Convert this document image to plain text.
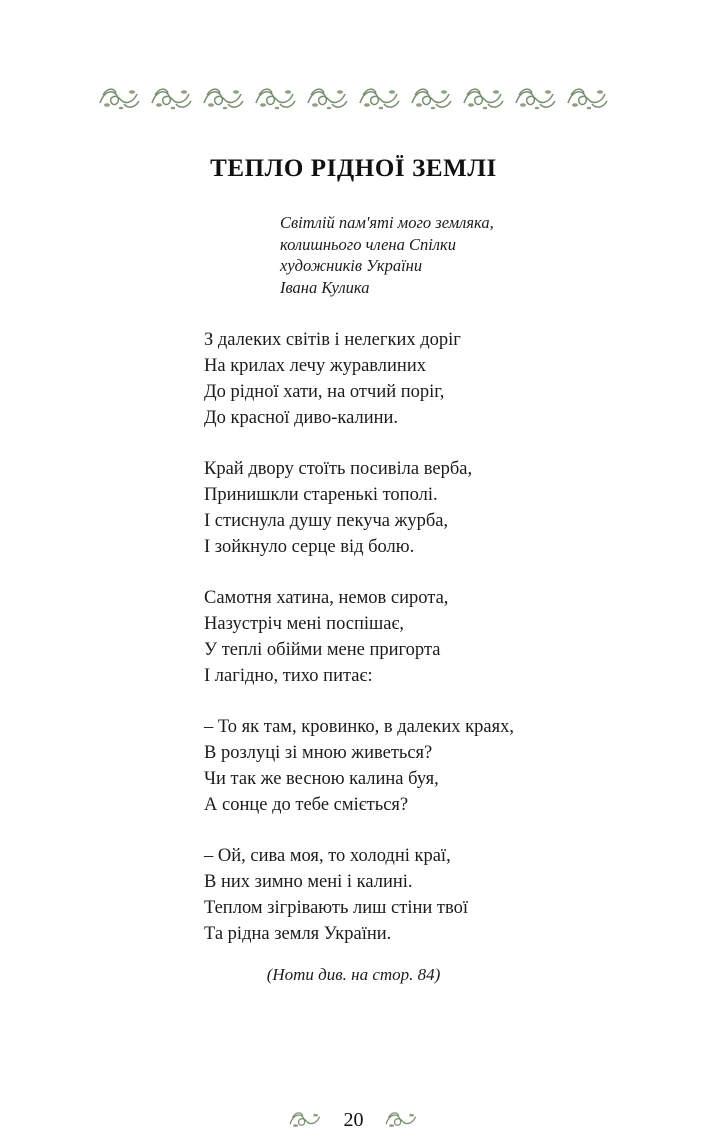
ТЕПЛО РІДНОЇ ЗЕМЛІ
Світлій пам'яті мого земляка,
колишнього члена Спілки
художників України
Івана Кулика
З далеких світів і нелегких доріг
На крилах лечу журавлиних
До рідної хати, на отчий поріг,
До красної диво-калини.
Край двору стоїть посивіла верба,
Принишкли старенькі тополі.
І стиснула душу пекуча журба,
І зойкнуло серце від болю.
Самотня хатина, немов сирота,
Назустріч мені поспішає,
У теплі обійми мене пригорта
І лагідно, тихо питає:
– То як там, кровинко, в далеких краях,
В розлуці зі мною живеться?
Чи так же весною калина буя,
А сонце до тебе сміється?
– Ой, сива моя, то холодні краї,
В них зимно мені і калині.
Теплом зігрівають лиш стіни твої
Та рідна земля України.
(Ноти див. на стор. 84)
20
